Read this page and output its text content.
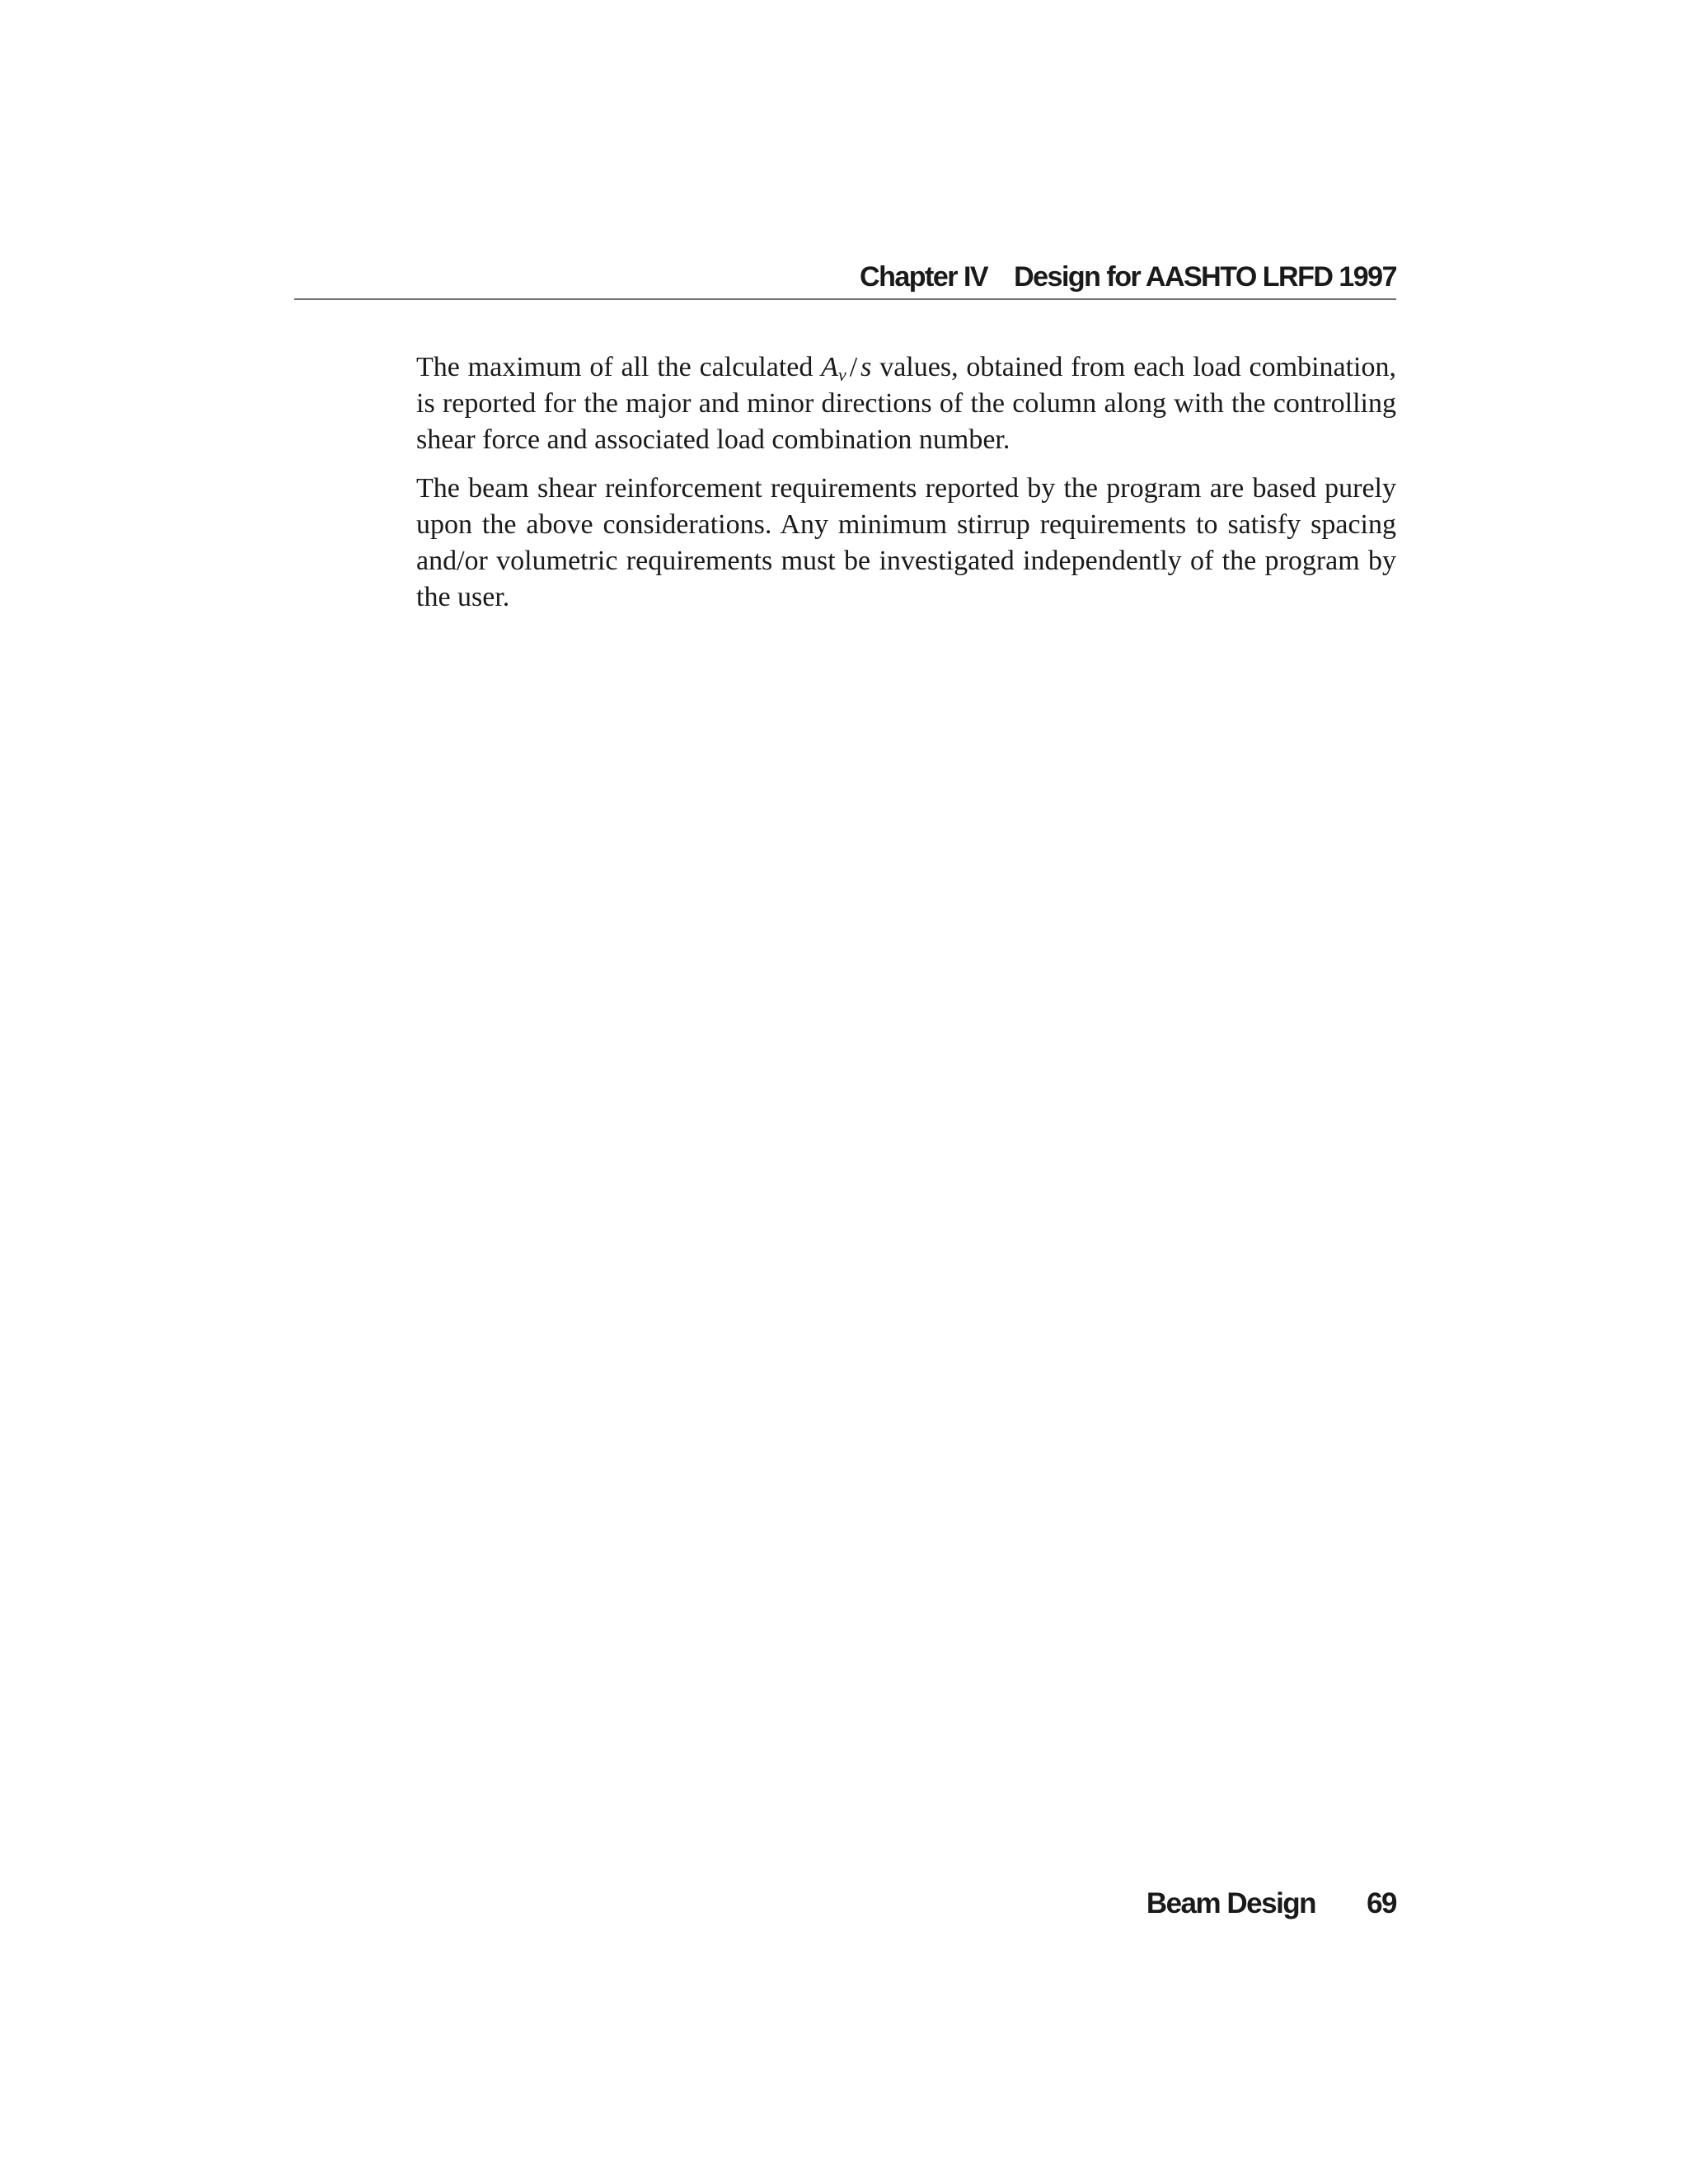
Chapter IV Design for AASHTO LRFD 1997

The maximum of all the calculated $A_v$ / s values, obtained from each load combination, is reported for the major and minor directions of the column along with the controlling shear force and associated load combination number.

The beam shear reinforcement requirements reported by the program are based purely upon the above considerations. Any minimum stirrup requirements to satisfy spacing and/or volumetric requirements must be investigated independently of the program by the user.

Beam Design 69
